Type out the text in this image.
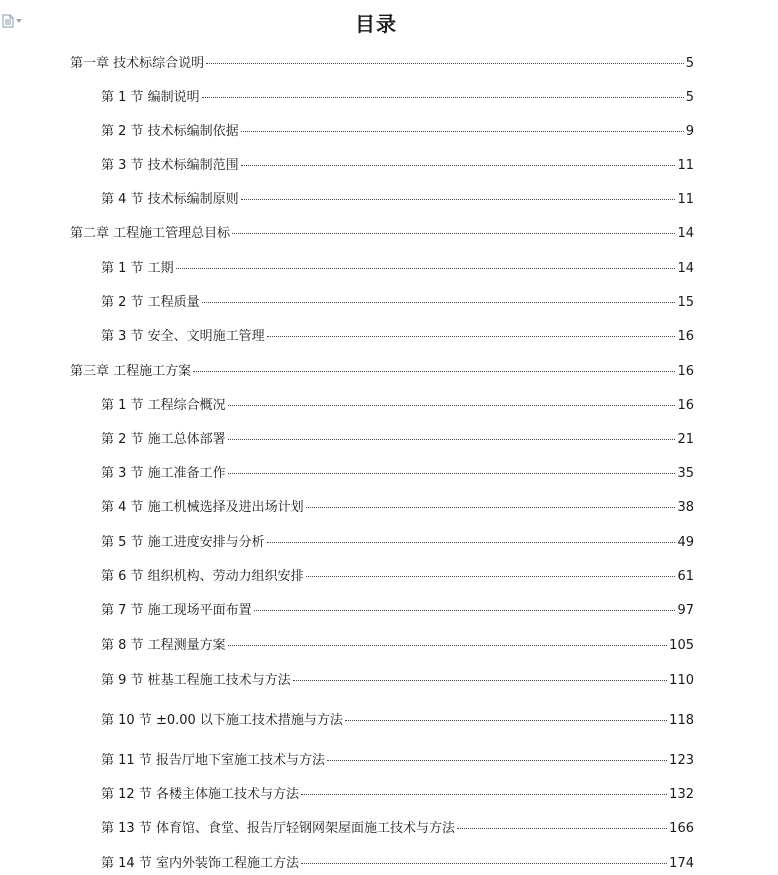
目录
第一章 技术标综合说明	5
第 1 节 编制说明	5
第 2 节 技术标编制依据	9
第 3 节 技术标编制范围	11
第 4 节 技术标编制原则	11
第二章 工程施工管理总目标	14
第 1 节 工期	14
第 2 节 工程质量	15
第 3 节 安全、文明施工管理	16
第三章 工程施工方案	16
第 1 节 工程综合概况	16
第 2 节 施工总体部署	21
第 3 节 施工准备工作	35
第 4 节 施工机械选择及进出场计划	38
第 5 节 施工进度安排与分析	49
第 6 节 组织机构、劳动力组织安排	61
第 7 节 施工现场平面布置	97
第 8 节 工程测量方案	105
第 9 节 桩基工程施工技术与方法	110
第 10 节 ±0.00 以下施工技术措施与方法	118
第 11 节 报告厅地下室施工技术与方法	123
第 12 节 各楼主体施工技术与方法	132
第 13 节 体育馆、食堂、报告厅轻钢网架屋面施工技术与方法	166
第 14 节 室内外装饰工程施工方法	174
